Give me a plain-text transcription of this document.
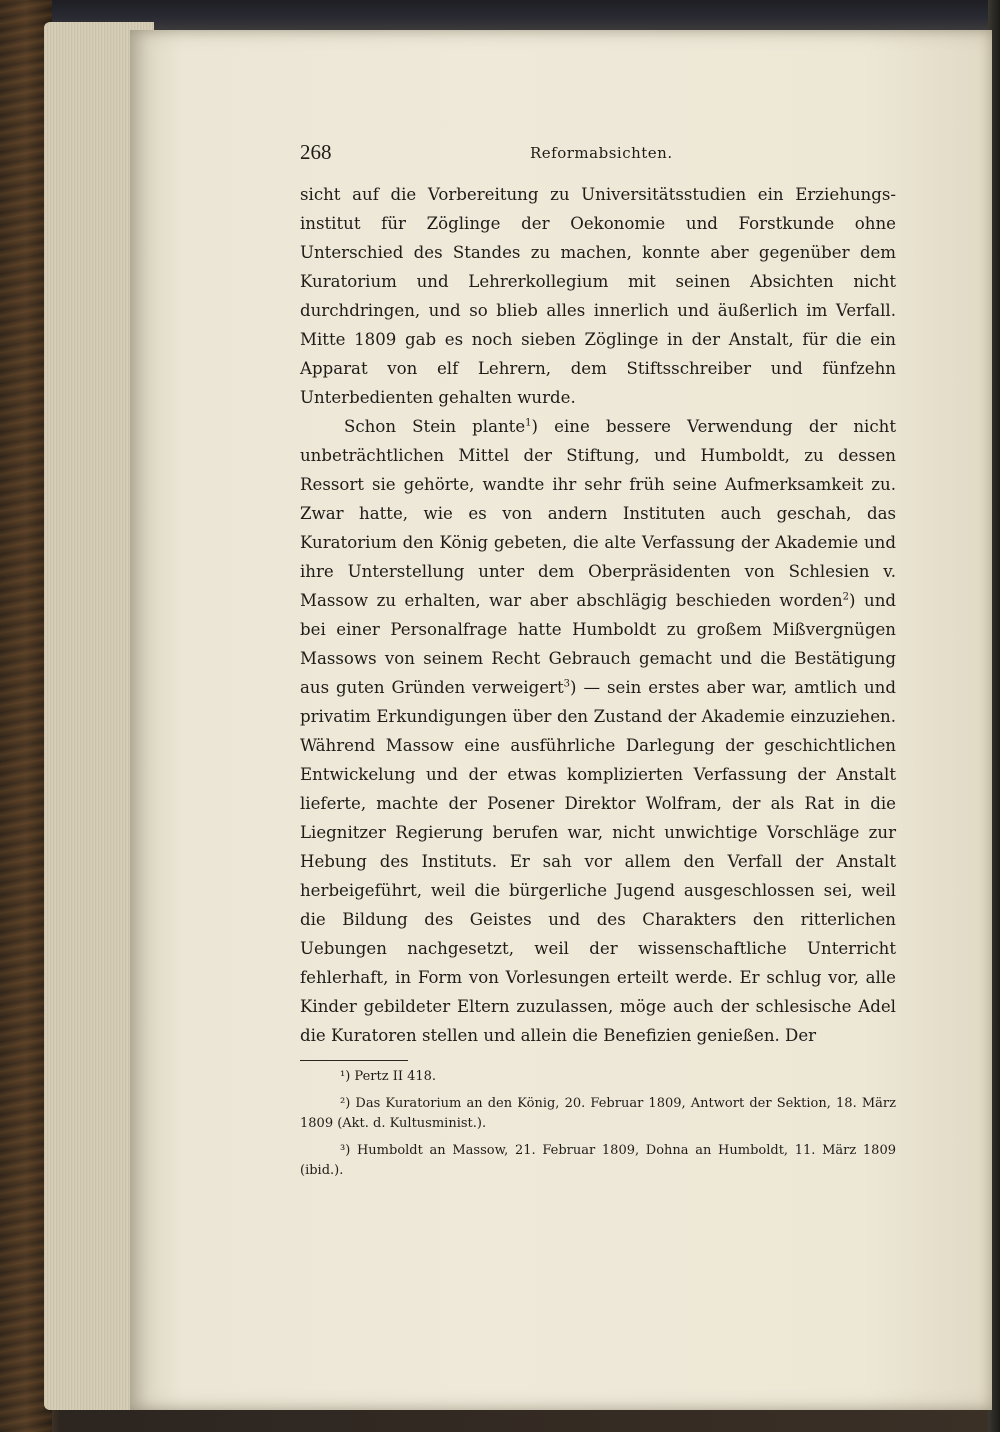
268	Reformabsichten.

sicht auf die Vorbereitung zu Universitätsstudien ein Erziehungs-institut für Zöglinge der Oekonomie und Forstkunde ohne Unterschied des Standes zu machen, konnte aber gegenüber dem Kuratorium und Lehrerkollegium mit seinen Absichten nicht durchdringen, und so blieb alles innerlich und äußerlich im Verfall. Mitte 1809 gab es noch sieben Zöglinge in der Anstalt, für die ein Apparat von elf Lehrern, dem Stiftsschreiber und fünfzehn Unterbedienten gehalten wurde.

Schon Stein plante$^1$) eine bessere Verwendung der nicht unbeträchtlichen Mittel der Stiftung, und Humboldt, zu dessen Ressort sie gehörte, wandte ihr sehr früh seine Aufmerksamkeit zu. Zwar hatte, wie es von andern Instituten auch geschah, das Kuratorium den König gebeten, die alte Verfassung der Akademie und ihre Unterstellung unter dem Oberpräsidenten von Schlesien v. Massow zu erhalten, war aber abschlägig beschieden worden$^2$) und bei einer Personalfrage hatte Humboldt zu großem Mißvergnügen Massows von seinem Recht Gebrauch gemacht und die Bestätigung aus guten Gründen verweigert$^3$) — sein erstes aber war, amtlich und privatim Erkundigungen über den Zustand der Akademie einzuziehen. Während Massow eine ausführliche Darlegung der geschichtlichen Entwickelung und der etwas komplizierten Verfassung der Anstalt lieferte, machte der Posener Direktor Wolfram, der als Rat in die Liegnitzer Regierung berufen war, nicht unwichtige Vorschläge zur Hebung des Instituts. Er sah vor allem den Verfall der Anstalt herbeigeführt, weil die bürgerliche Jugend ausgeschlossen sei, weil die Bildung des Geistes und des Charakters den ritterlichen Uebungen nachgesetzt, weil der wissenschaftliche Unterricht fehlerhaft, in Form von Vorlesungen erteilt werde. Er schlug vor, alle Kinder gebildeter Eltern zuzulassen, möge auch der schlesische Adel die Kuratoren stellen und allein die Benefizien genießen. Der

¹) Pertz II 418.

²) Das Kuratorium an den König, 20. Februar 1809, Antwort der Sektion, 18. März 1809 (Akt. d. Kultusminist.).

³) Humboldt an Massow, 21. Februar 1809, Dohna an Humboldt, 11. März 1809 (ibid.).
